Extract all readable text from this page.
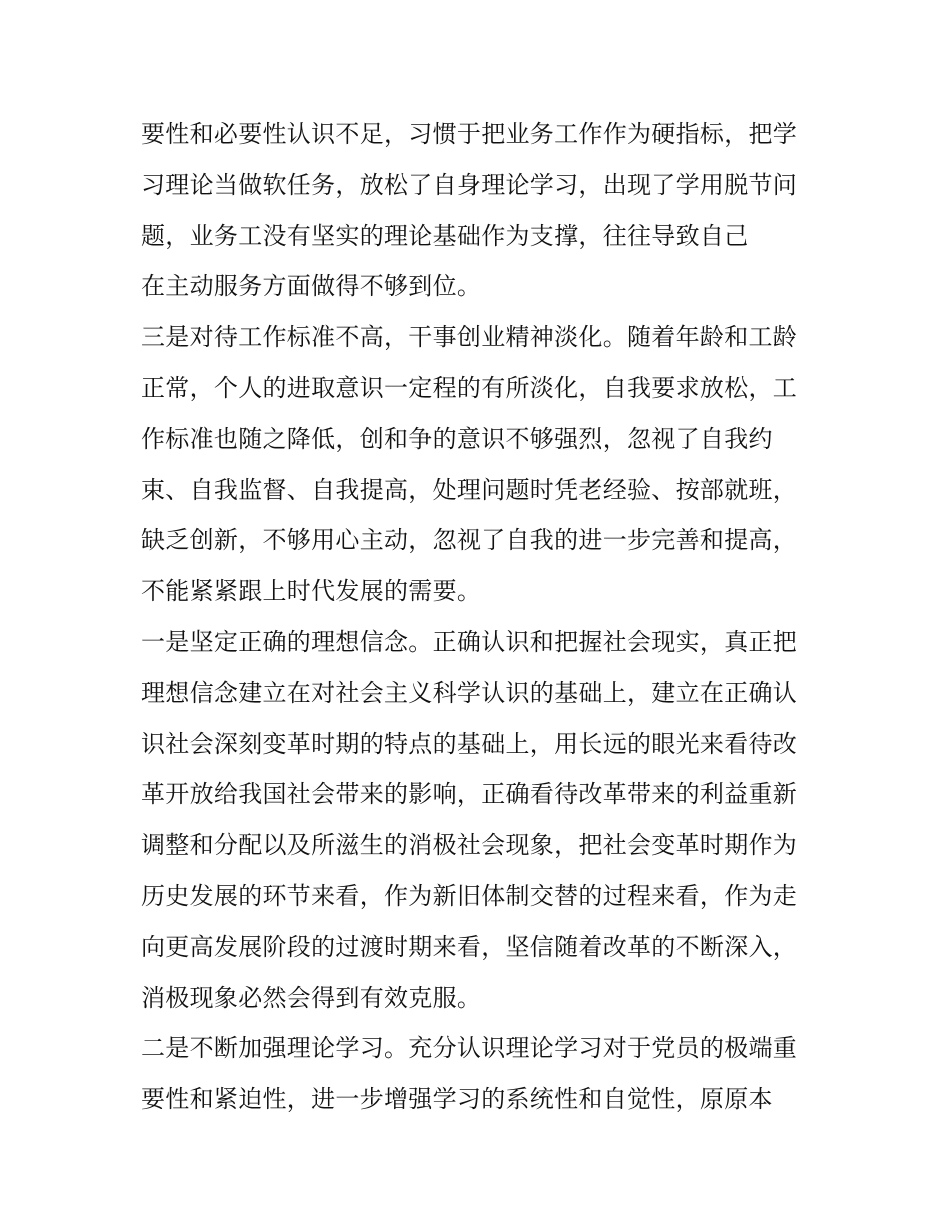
要性和必要性认识不足，习惯于把业务工作作为硬指标，把学
习理论当做软任务，放松了自身理论学习，出现了学用脱节问
题，业务工没有坚实的理论基础作为支撑，往往导致自己
在主动服务方面做得不够到位。
三是对待工作标准不高，干事创业精神淡化。随着年龄和工龄
正常，个人的进取意识一定程的有所淡化，自我要求放松，工
作标准也随之降低，创和争的意识不够强烈，忽视了自我约
束、自我监督、自我提高，处理问题时凭老经验、按部就班，
缺乏创新，不够用心主动，忽视了自我的进一步完善和提高，
不能紧紧跟上时代发展的需要。
一是坚定正确的理想信念。正确认识和把握社会现实，真正把
理想信念建立在对社会主义科学认识的基础上，建立在正确认
识社会深刻变革时期的特点的基础上，用长远的眼光来看待改
革开放给我国社会带来的影响，正确看待改革带来的利益重新
调整和分配以及所滋生的消极社会现象，把社会变革时期作为
历史发展的环节来看，作为新旧体制交替的过程来看，作为走
向更高发展阶段的过渡时期来看，坚信随着改革的不断深入，
消极现象必然会得到有效克服。
二是不断加强理论学习。充分认识理论学习对于党员的极端重
要性和紧迫性，进一步增强学习的系统性和自觉性，原原本
